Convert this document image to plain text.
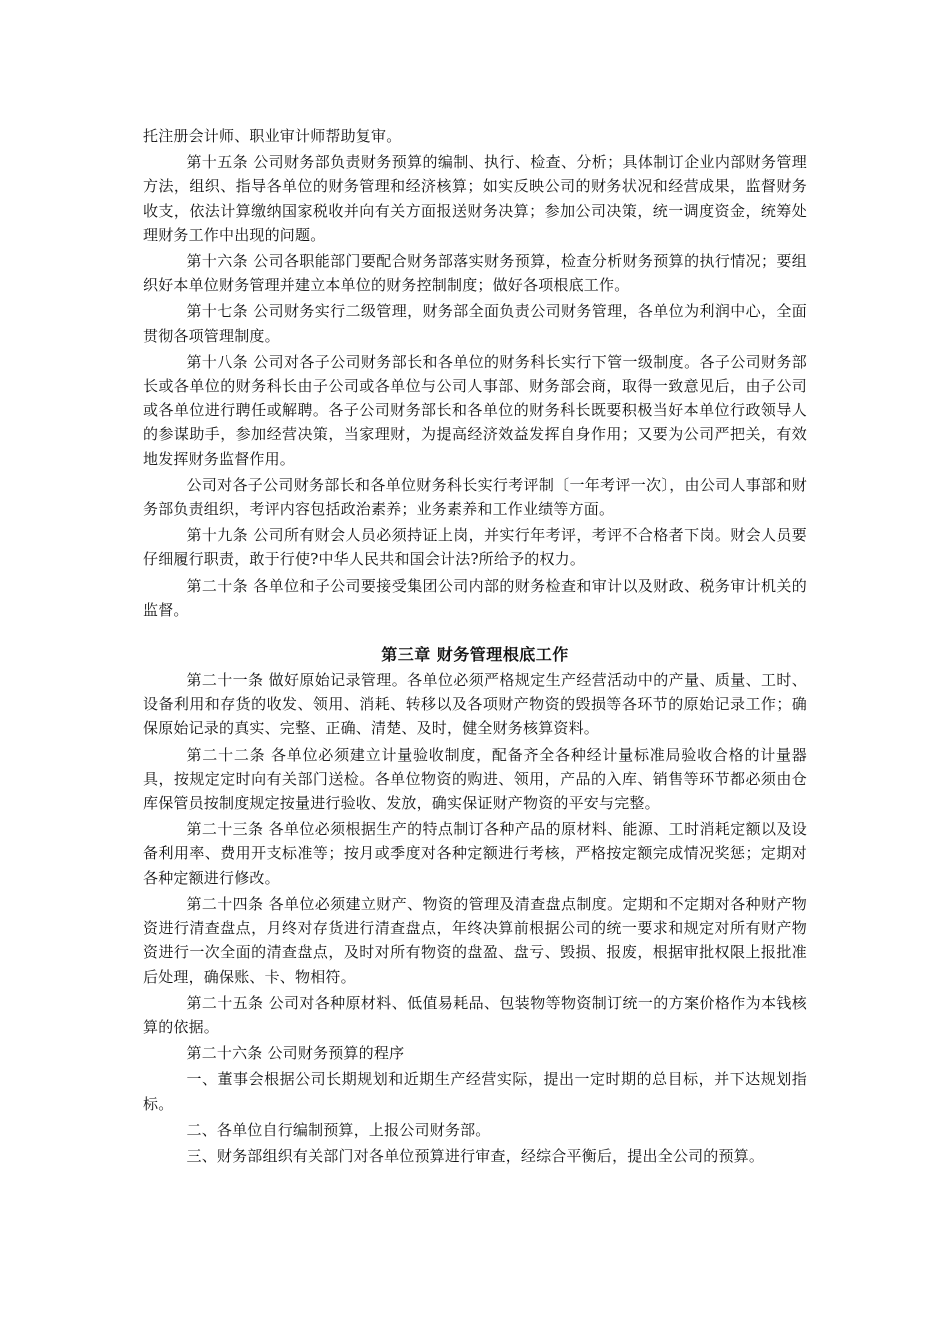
托注册会计师、职业审计师帮助复审。

第十五条 公司财务部负责财务预算的编制、执行、检查、分析；具体制订企业内部财务管理方法，组织、指导各单位的财务管理和经济核算；如实反映公司的财务状况和经营成果，监督财务收支，依法计算缴纳国家税收并向有关方面报送财务决算；参加公司决策，统一调度资金，统筹处理财务工作中出现的问题。

第十六条 公司各职能部门要配合财务部落实财务预算，检查分析财务预算的执行情况；要组织好本单位财务管理并建立本单位的财务控制制度；做好各项根底工作。

第十七条 公司财务实行二级管理，财务部全面负责公司财务管理，各单位为利润中心，全面贯彻各项管理制度。

第十八条 公司对各子公司财务部长和各单位的财务科长实行下管一级制度。各子公司财务部长或各单位的财务科长由子公司或各单位与公司人事部、财务部会商，取得一致意见后，由子公司或各单位进行聘任或解聘。各子公司财务部长和各单位的财务科长既要积极当好本单位行政领导人的参谋助手，参加经营决策，当家理财，为提高经济效益发挥自身作用；又要为公司严把关，有效地发挥财务监督作用。

公司对各子公司财务部长和各单位财务科长实行考评制〔一年考评一次〕，由公司人事部和财务部负责组织，考评内容包括政治素养；业务素养和工作业绩等方面。

第十九条 公司所有财会人员必须持证上岗，并实行年考评，考评不合格者下岗。财会人员要仔细履行职责，敢于行使?中华人民共和国会计法?所给予的权力。

第二十条 各单位和子公司要接受集团公司内部的财务检查和审计以及财政、税务审计机关的监督。

第三章 财务管理根底工作

第二十一条 做好原始记录管理。各单位必须严格规定生产经营活动中的产量、质量、工时、设备利用和存货的收发、领用、消耗、转移以及各项财产物资的毁损等各环节的原始记录工作；确保原始记录的真实、完整、正确、清楚、及时，健全财务核算资料。

第二十二条 各单位必须建立计量验收制度，配备齐全各种经计量标准局验收合格的计量器具，按规定定时向有关部门送检。各单位物资的购进、领用，产品的入库、销售等环节都必须由仓库保管员按制度规定按量进行验收、发放，确实保证财产物资的平安与完整。

第二十三条 各单位必须根据生产的特点制订各种产品的原材料、能源、工时消耗定额以及设备利用率、费用开支标准等；按月或季度对各种定额进行考核，严格按定额完成情况奖惩；定期对各种定额进行修改。

第二十四条 各单位必须建立财产、物资的管理及清查盘点制度。定期和不定期对各种财产物资进行清查盘点，月终对存货进行清查盘点，年终决算前根据公司的统一要求和规定对所有财产物资进行一次全面的清查盘点，及时对所有物资的盘盈、盘亏、毁损、报废，根据审批权限上报批准后处理，确保账、卡、物相符。

第二十五条 公司对各种原材料、低值易耗品、包装物等物资制订统一的方案价格作为本钱核算的依据。

第二十六条 公司财务预算的程序

一、董事会根据公司长期规划和近期生产经营实际，提出一定时期的总目标，并下达规划指标。

二、各单位自行编制预算，上报公司财务部。

三、财务部组织有关部门对各单位预算进行审查，经综合平衡后，提出全公司的预算。
